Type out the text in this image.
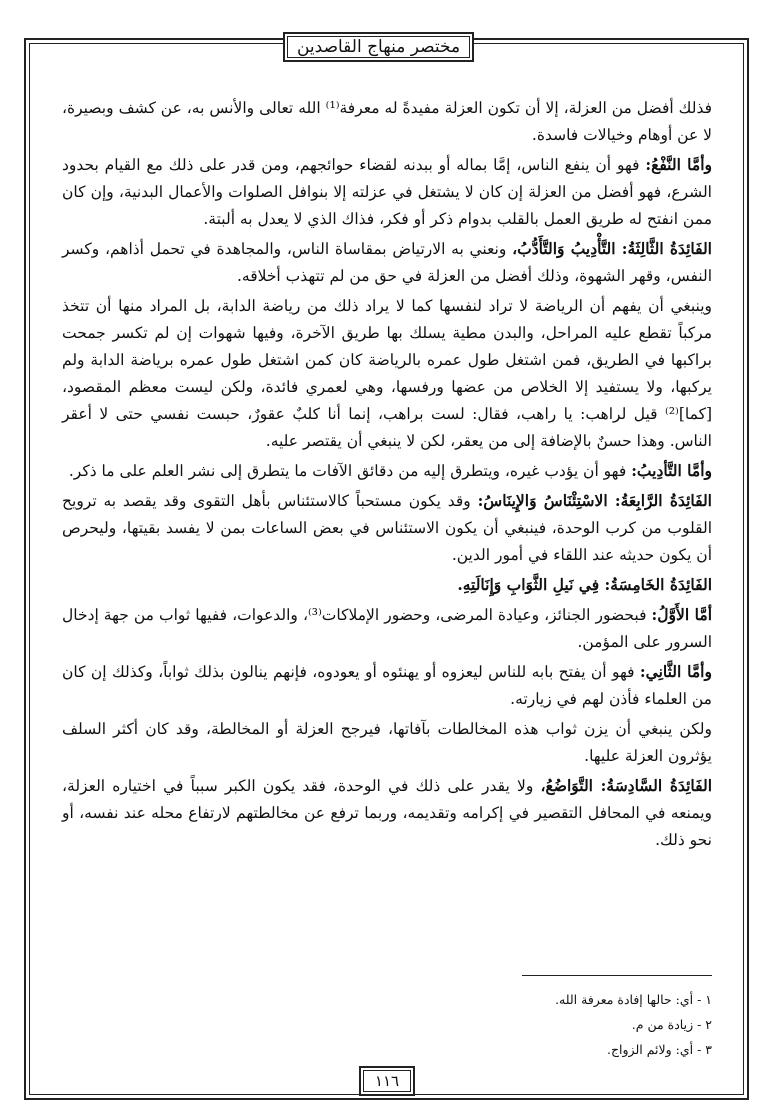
مختصر منهاج القاصدين

فذلك أفضل من العزلة، إلا أن تكون العزلة مفيدةً له معرفة⁽¹⁾ الله تعالى والأنس به، عن كشف وبصيرة، لا عن أوهام وخيالات فاسدة.

وأمَّا النَّفْعُ: فهو أن ينفع الناس، إمَّا بماله أو ببدنه لقضاء حوائجهم، ومن قدر على ذلك مع القيام بحدود الشرع، فهو أفضل من العزلة إن كان لا يشتغل في عزلته إلا بنوافل الصلوات والأعمال البدنية، وإن كان ممن انفتح له طريق العمل بالقلب بدوام ذكر أو فكر، فذاك الذي لا يعدل به ألبتة.

الفَائِدَةُ الثَّالِثَةُ: التَّأْدِيبُ وَالتَّأَدُّبُ، ونعني به الارتياض بمقاساة الناس، والمجاهدة في تحمل أذاهم، وكسر النفس، وقهر الشهوة، وذلك أفضل من العزلة في حق من لم تتهذب أخلاقه.

وينبغي أن يفهم أن الرياضة لا تراد لنفسها كما لا يراد ذلك من رياضة الدابة، بل المراد منها أن تتخذ مركباً تقطع عليه المراحل، والبدن مطية يسلك بها طريق الآخرة، وفيها شهوات إن لم تكسر جمحت براكبها في الطريق، فمن اشتغل طول عمره بالرياضة كان كمن اشتغل طول عمره برياضة الدابة ولم يركبها، ولا يستفيد إلا الخلاص من عضها ورفسها، وهي لعمري فائدة، ولكن ليست معظم المقصود، [كما]⁽²⁾ قيل لراهب: يا راهب، فقال: لست براهب، إنما أنا كلبٌ عقورٌ، حبست نفسي حتى لا أعقر الناس. وهذا حسنٌ بالإضافة إلى من يعقر، لكن لا ينبغي أن يقتصر عليه.

وأمَّا التَّأدِيبُ: فهو أن يؤدب غيره، ويتطرق إليه من دقائق الآفات ما يتطرق إلى نشر العلم على ما ذكر.

الفَائِدَةُ الرَّابِعَةُ: الاسْتِئْنَاسُ وَالإِينَاسُ: وقد يكون مستحباً كالاستئناس بأهل التقوى وقد يقصد به ترويح القلوب من كرب الوحدة، فينبغي أن يكون الاستئناس في بعض الساعات بمن لا يفسد بقيتها، وليحرص أن يكون حديثه عند اللقاء في أمور الدين.

الفَائِدَةُ الخَامِسَةُ: فِي نَيلِ الثَّوَابِ وَإِنَالَتِهِ.

أمَّا الأَوَّلُ: فبحضور الجنائز، وعيادة المرضى، وحضور الإملاكات⁽³⁾، والدعوات، ففيها ثواب من جهة إدخال السرور على المؤمن.

وأمَّا الثَّانِي: فهو أن يفتح بابه للناس ليعزوه أو يهنئوه أو يعودوه، فإنهم ينالون بذلك ثواباً، وكذلك إن كان من العلماء فأذن لهم في زيارته.

ولكن ينبغي أن يزن ثواب هذه المخالطات بآفاتها، فيرجح العزلة أو المخالطة، وقد كان أكثر السلف يؤثرون العزلة عليها.

الفَائِدَةُ السَّادِسَةُ: التَّوَاضُعُ، ولا يقدر على ذلك في الوحدة، فقد يكون الكبر سبباً في اختياره العزلة، ويمنعه في المحافل التقصير في إكرامه وتقديمه، وربما ترفع عن مخالطتهم لارتفاع محله عند نفسه، أو نحو ذلك.

١ - أي: حالها إفادة معرفة الله.
٢ - زيادة من م.
٣ - أي: ولائم الزواج.
١١٦
